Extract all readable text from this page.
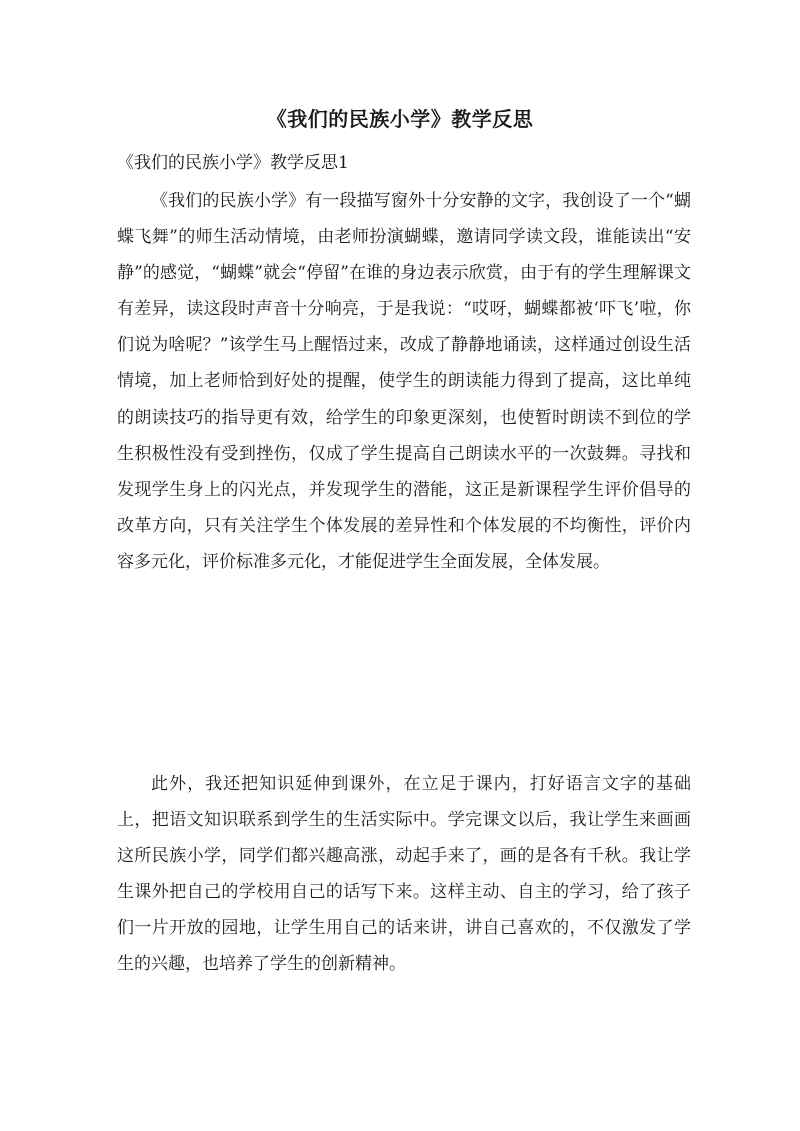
《我们的民族小学》教学反思
《我们的民族小学》教学反思1

《我们的民族小学》有一段描写窗外十分安静的文字，我创设了一个“蝴蝶飞舞”的师生活动情境，由老师扮演蝴蝶，邀请同学读文段，谁能读出“安静”的感觉，“蝴蝶”就会“停留”在谁的身边表示欣赏，由于有的学生理解课文有差异，读这段时声音十分响亮，于是我说：“哎呀，蝴蝶都被‘吓飞’啦，你们说为啥呢？”该学生马上醒悟过来，改成了静静地诵读，这样通过创设生活情境，加上老师恰到好处的提醒，使学生的朗读能力得到了提高，这比单纯的朗读技巧的指导更有效，给学生的印象更深刻，也使暂时朗读不到位的学生积极性没有受到挫伤，仅成了学生提高自己朗读水平的一次鼓舞。寻找和发现学生身上的闪光点，并发现学生的潜能，这正是新课程学生评价倡导的改革方向，只有关注学生个体发展的差异性和个体发展的不均衡性，评价内容多元化，评价标准多元化，才能促进学生全面发展，全体发展。

此外，我还把知识延伸到课外，在立足于课内，打好语言文字的基础上，把语文知识联系到学生的生活实际中。学完课文以后，我让学生来画画这所民族小学，同学们都兴趣高涨，动起手来了，画的是各有千秋。我让学生课外把自己的学校用自己的话写下来。这样主动、自主的学习，给了孩子们一片开放的园地，让学生用自己的话来讲，讲自己喜欢的，不仅激发了学生的兴趣，也培养了学生的创新精神。
